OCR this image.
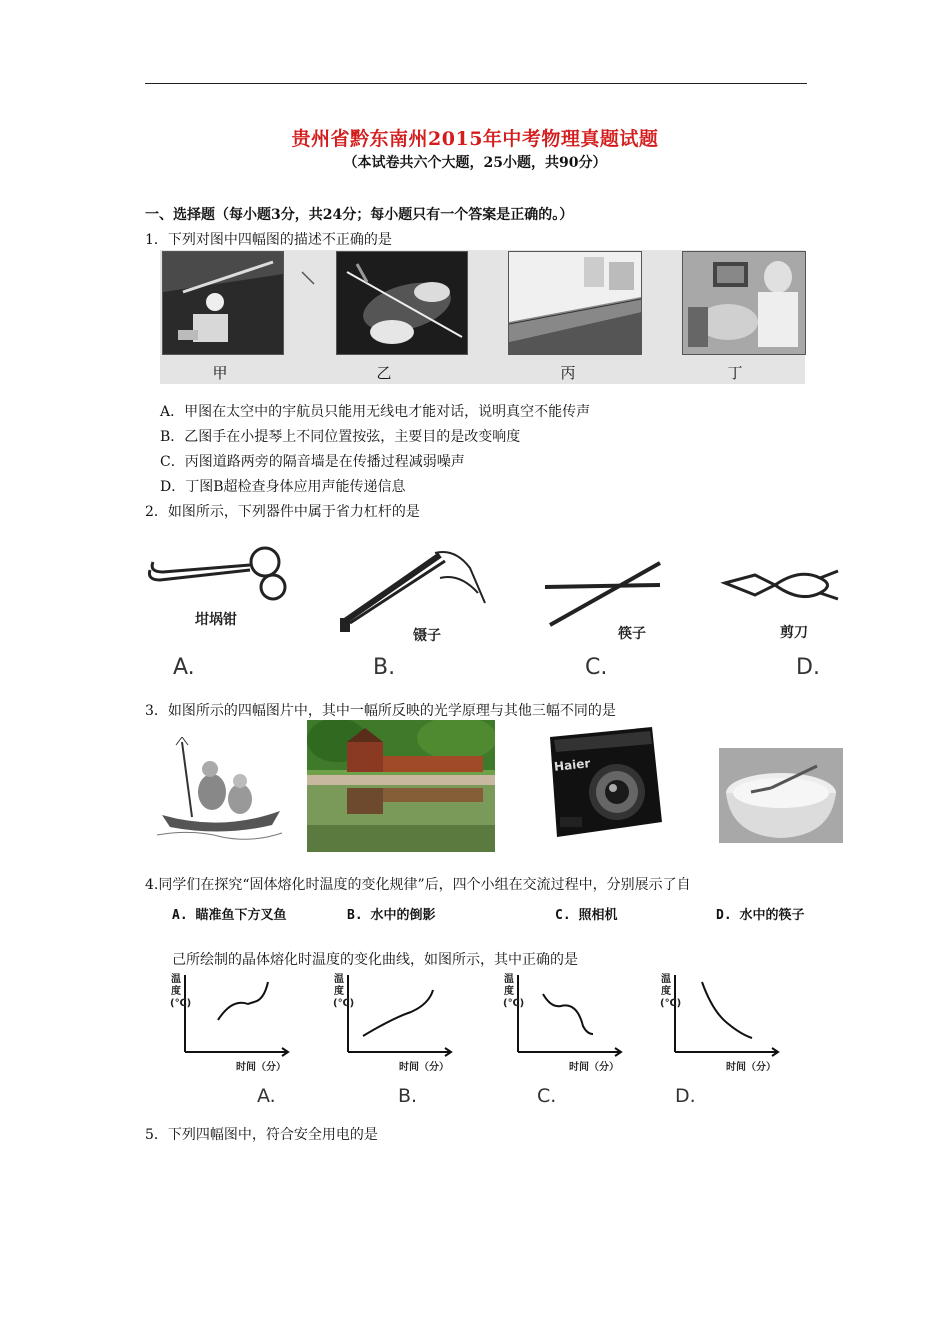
贵州省黔东南州2015年中考物理真题试题
（本试卷共六个大题，25小题，共90分）
一、选择题（每小题3分，共24分；每小题只有一个答案是正确的。）
1．下列对图中四幅图的描述不正确的是
甲	乙	丙	丁
A．甲图在太空中的宇航员只能用无线电才能对话，说明真空不能传声
B．乙图手在小提琴上不同位置按弦，主要目的是改变响度
C．丙图道路两旁的隔音墙是在传播过程减弱噪声
D．丁图B超检查身体应用声能传递信息
2．如图所示，下列器件中属于省力杠杆的是
坩埚钳
镊子	筷子	剪刀
A.	B.	C.	D.
3．如图所示的四幅图片中，其中一幅所反映的光学原理与其他三幅不同的是
Haier
4.同学们在探究“固体熔化时温度的变化规律”后，四个小组在交流过程中，分别展示了自
A. 瞄准鱼下方叉鱼	B. 水中的倒影	C. 照相机	D. 水中的筷子
己所绘制的晶体熔化时温度的变化曲线，如图所示，其中正确的是
温度(℃)
时间（分）
温度(℃)
时间（分）
温度(℃)
时间（分）
温度(℃)
时间（分）
A.	B.	C.	D.
5．下列四幅图中，符合安全用电的是
